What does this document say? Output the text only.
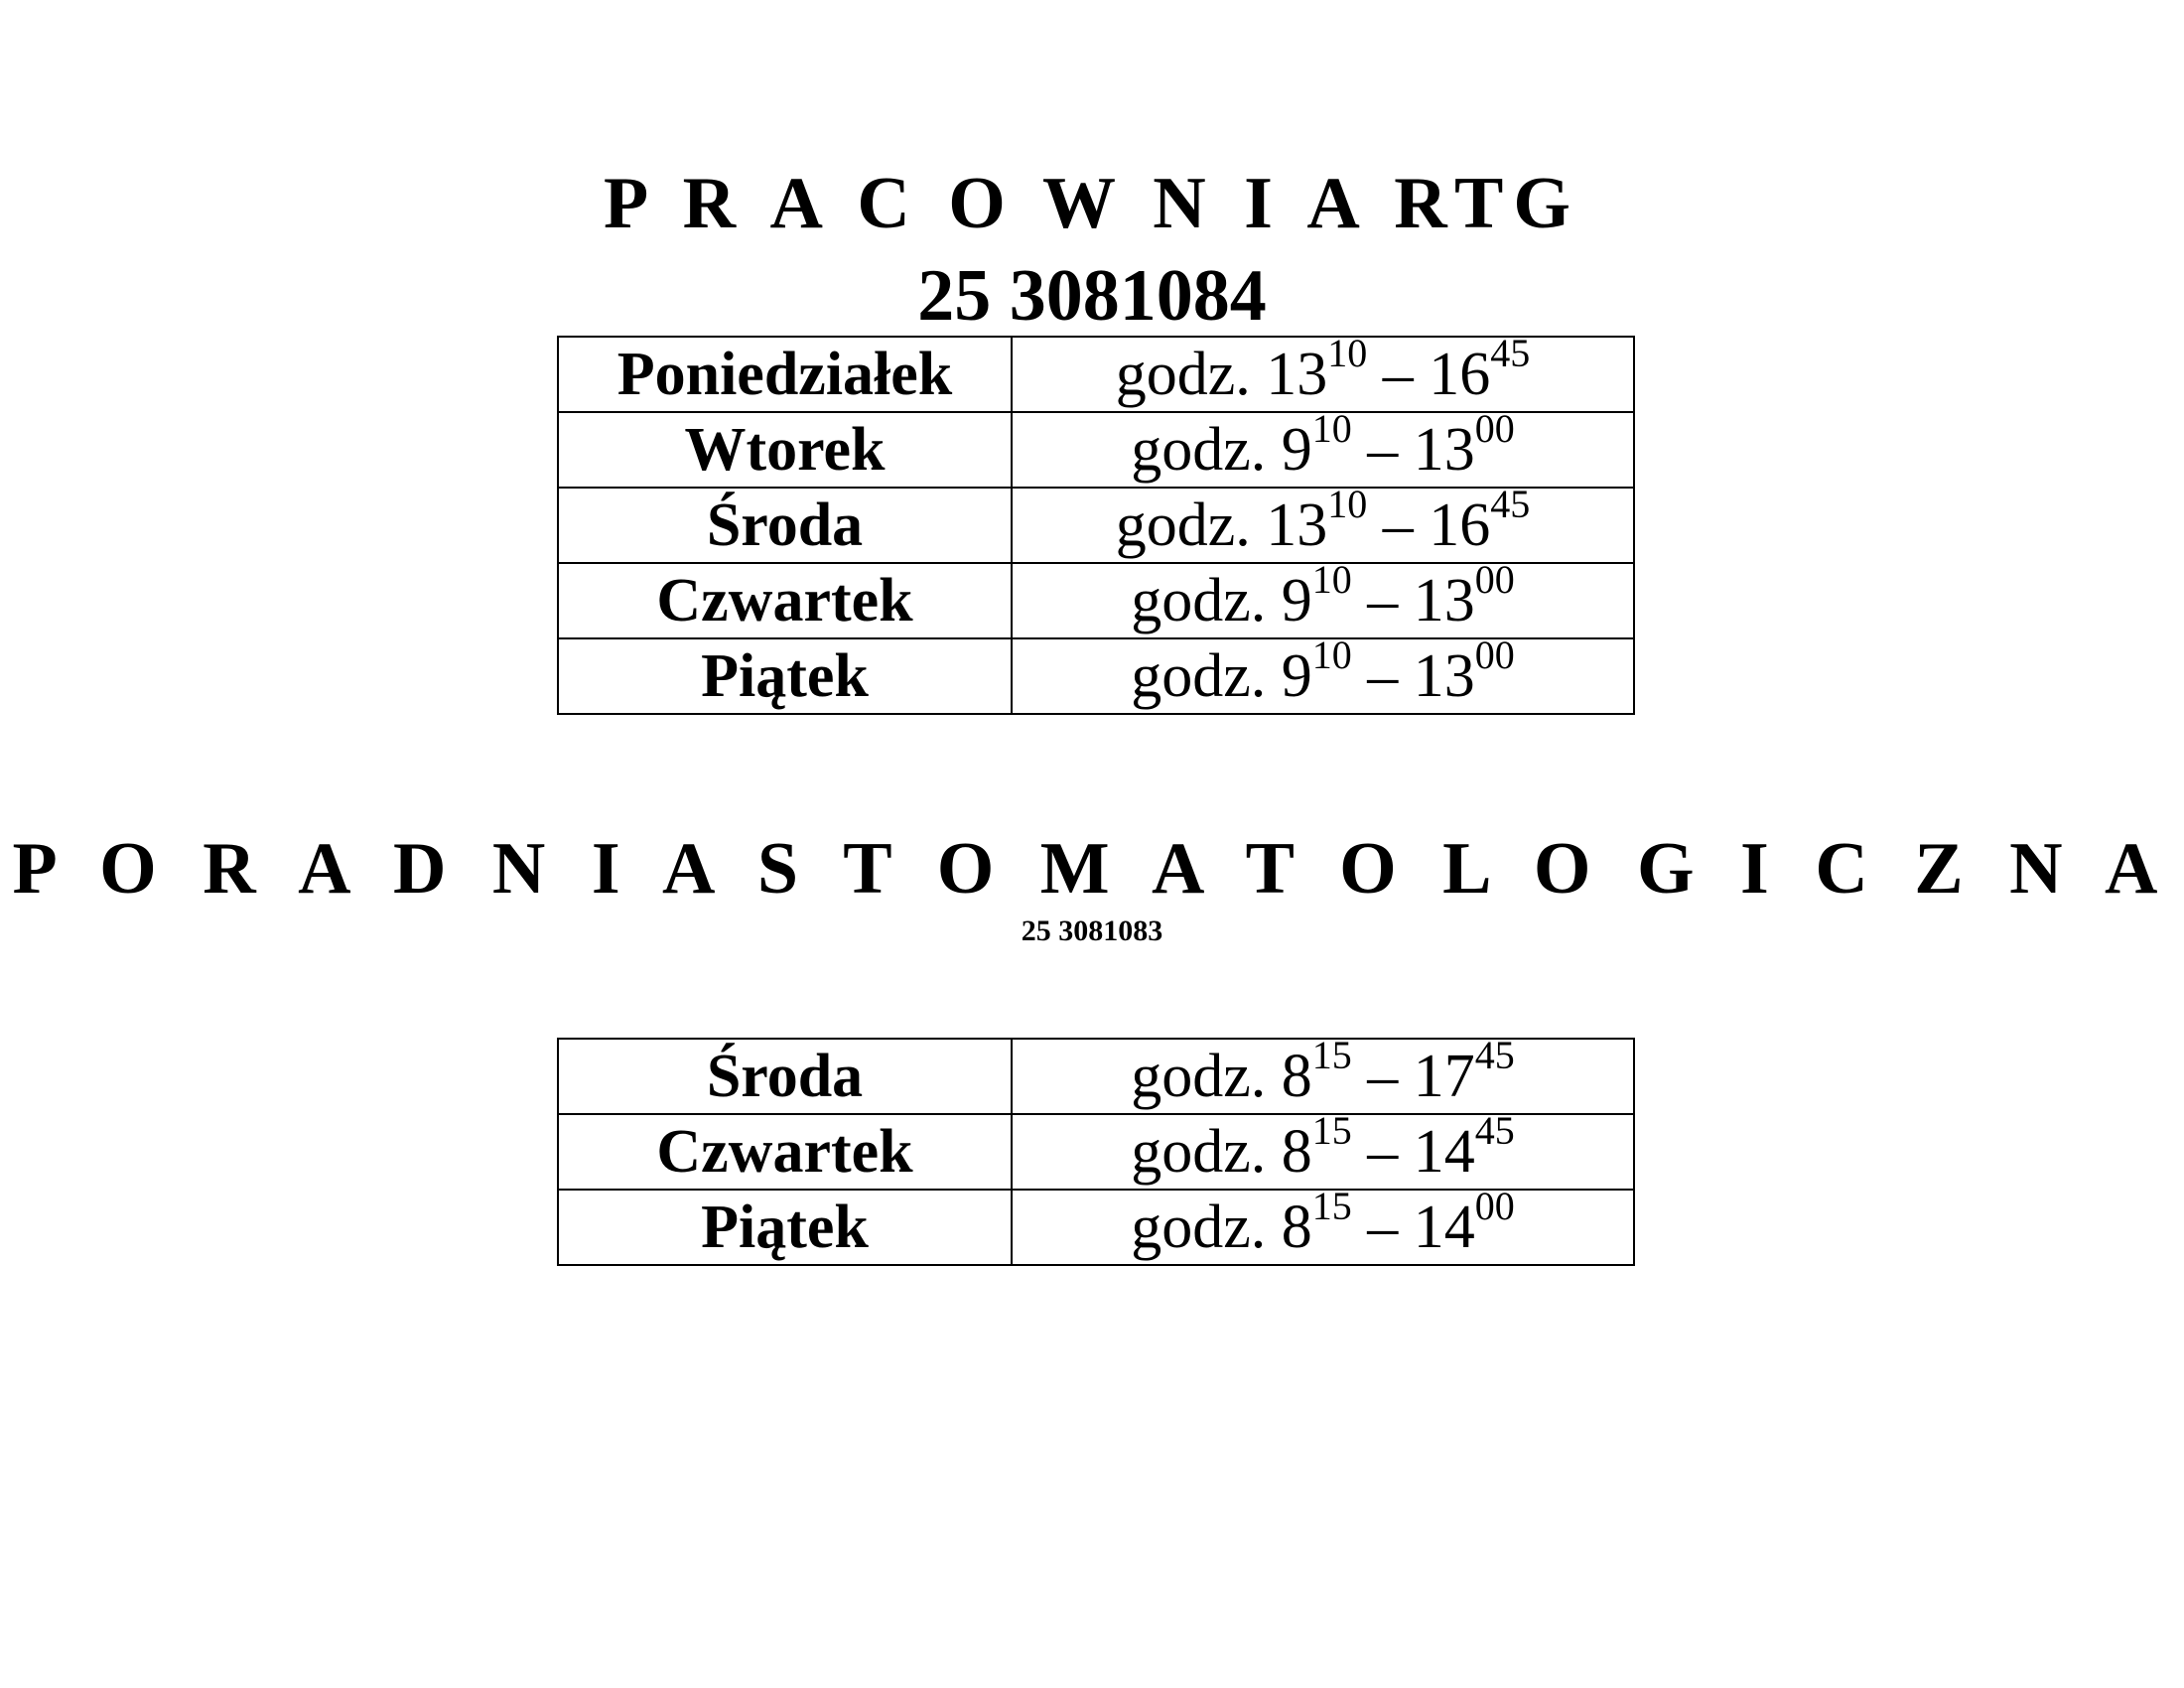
P R A C O W N I A RTG
25 3081084
Poniedziałek	godz. $13^{10} - 16^{45}$
Wtorek	godz. $9^{10} - 13^{00}$
Środa	godz. $13^{10} - 16^{45}$
Czwartek	godz. $9^{10} - 13^{00}$
Piątek	godz. $9^{10} - 13^{00}$
P O R A D N I A S T O M A T O L O G I C Z N A
25 3081083
Środa	godz. $8^{15} - 17^{45}$
Czwartek	godz. $8^{15} - 14^{45}$
Piątek	godz. $8^{15} - 14^{00}$
